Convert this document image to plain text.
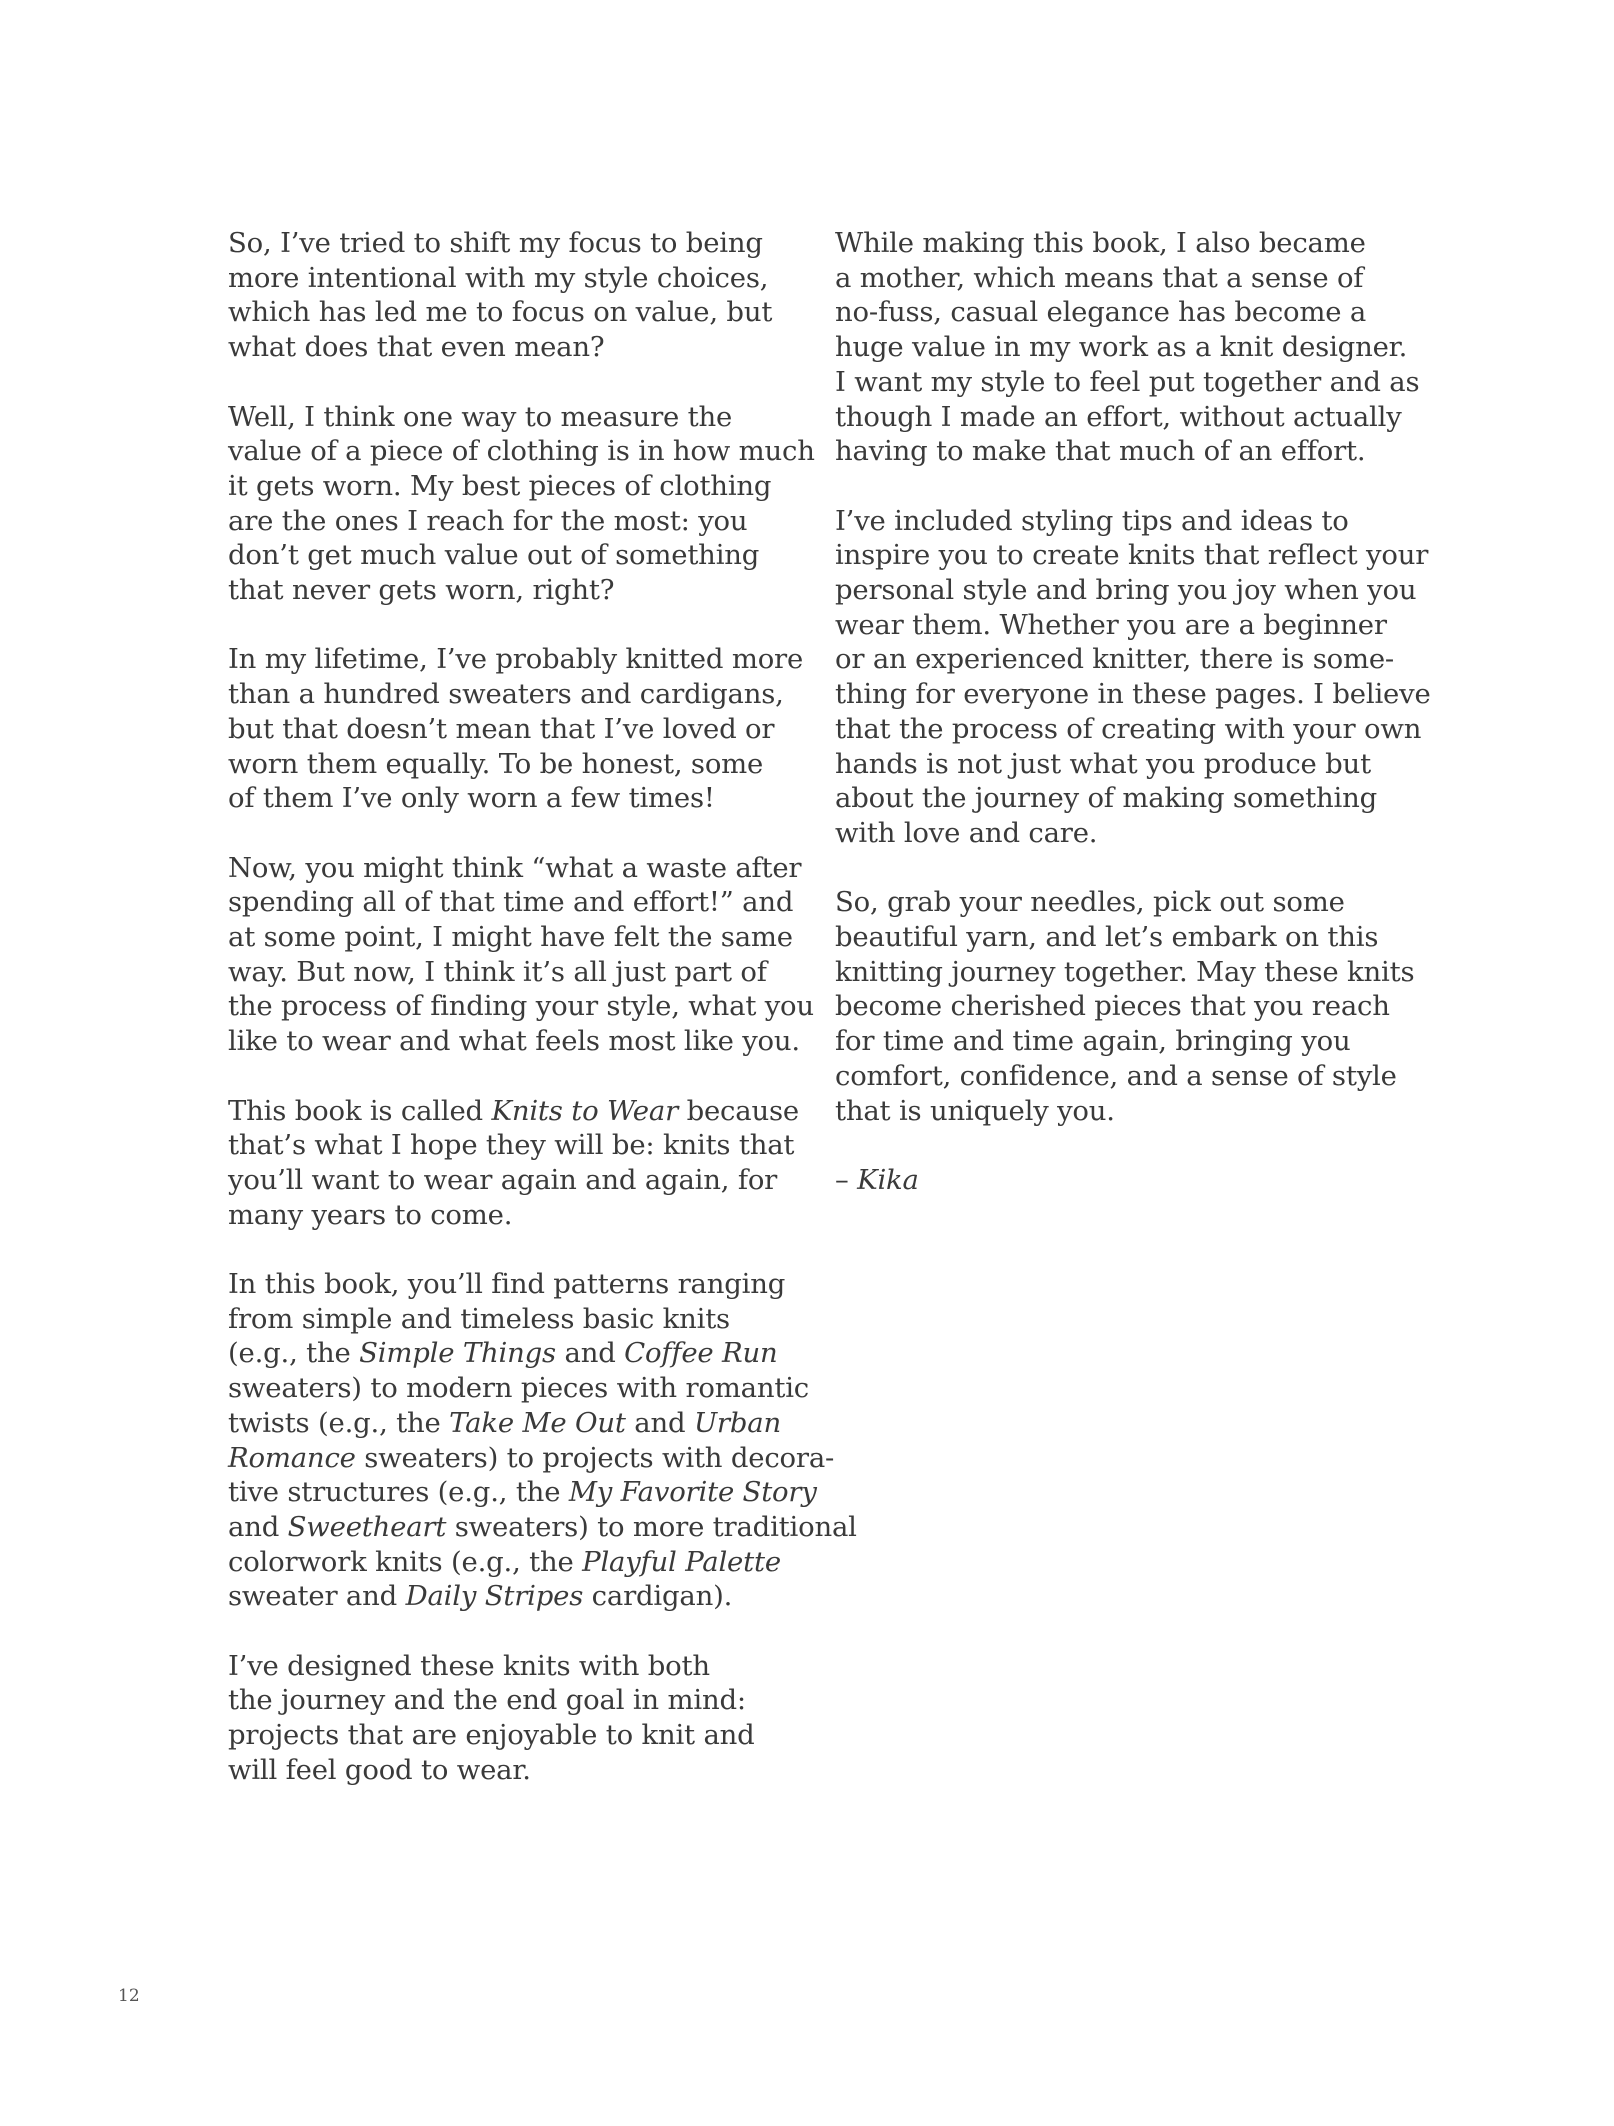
So, I’ve tried to shift my focus to being
more intentional with my style choices,
which has led me to focus on value, but
what does that even mean?

Well, I think one way to measure the
value of a piece of clothing is in how much
it gets worn. My best pieces of clothing
are the ones I reach for the most: you
don’t get much value out of something
that never gets worn, right?

In my lifetime, I’ve probably knitted more
than a hundred sweaters and cardigans,
but that doesn’t mean that I’ve loved or
worn them equally. To be honest, some
of them I’ve only worn a few times!

Now, you might think “what a waste after
spending all of that time and effort!” and
at some point, I might have felt the same
way. But now, I think it’s all just part of
the process of finding your style, what you
like to wear and what feels most like you.

This book is called Knits to Wear because
that’s what I hope they will be: knits that
you’ll want to wear again and again, for
many years to come.

In this book, you’ll find patterns ranging
from simple and timeless basic knits
(e.g., the Simple Things and Coffee Run
sweaters) to modern pieces with romantic
twists (e.g., the Take Me Out and Urban
Romance sweaters) to projects with decora-
tive structures (e.g., the My Favorite Story
and Sweetheart sweaters) to more traditional
colorwork knits (e.g., the Playful Palette
sweater and Daily Stripes cardigan).

I’ve designed these knits with both
the journey and the end goal in mind:
projects that are enjoyable to knit and
will feel good to wear.

While making this book, I also became
a mother, which means that a sense of
no-fuss, casual elegance has become a
huge value in my work as a knit designer.
I want my style to feel put together and as
though I made an effort, without actually
having to make that much of an effort.

I’ve included styling tips and ideas to
inspire you to create knits that reflect your
personal style and bring you joy when you
wear them. Whether you are a beginner
or an experienced knitter, there is some-
thing for everyone in these pages. I believe
that the process of creating with your own
hands is not just what you produce but
about the journey of making something
with love and care.

So, grab your needles, pick out some
beautiful yarn, and let’s embark on this
knitting journey together. May these knits
become cherished pieces that you reach
for time and time again, bringing you
comfort, confidence, and a sense of style
that is uniquely you.

– Kika

12
